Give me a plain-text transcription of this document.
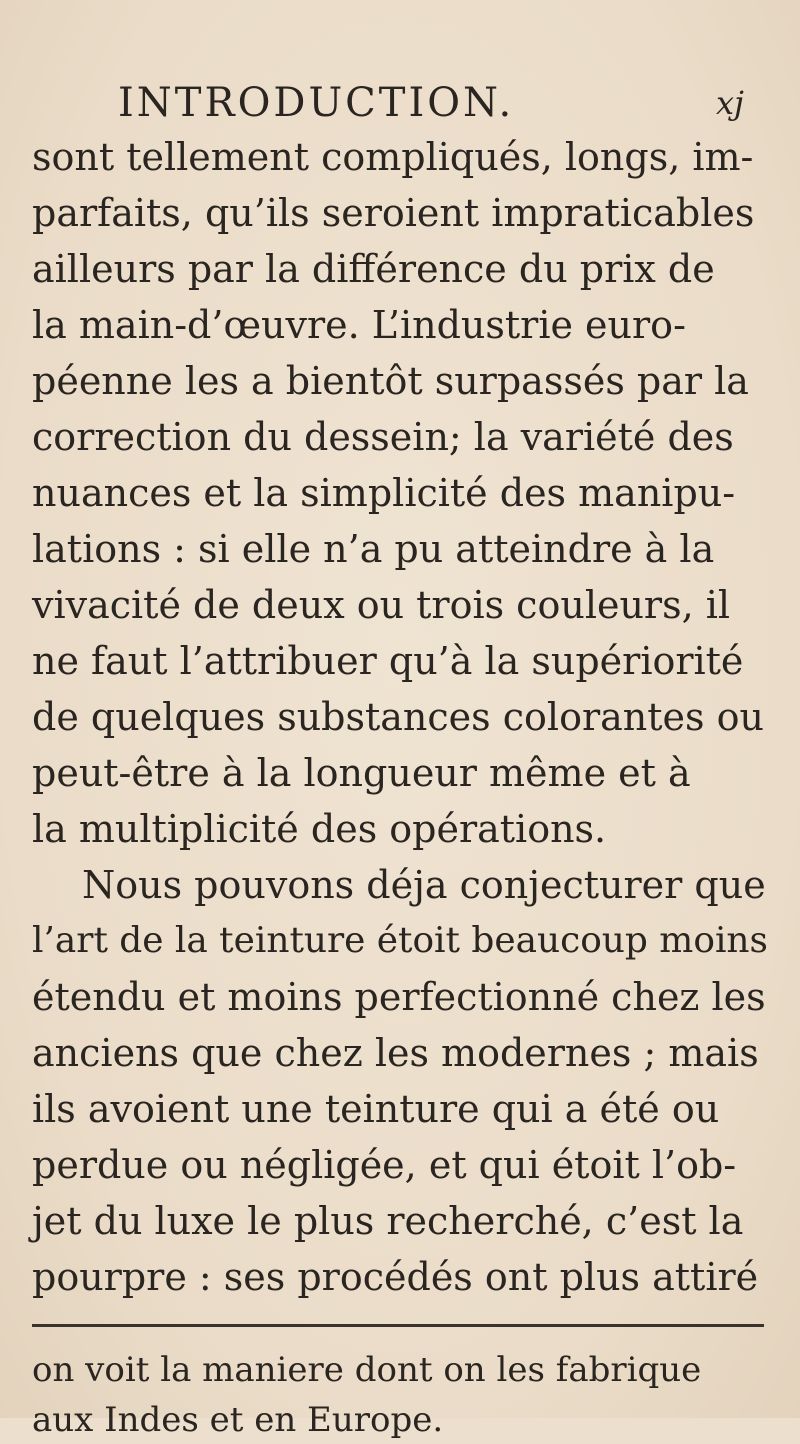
INTRODUCTION.	xj
sont tellement compliqués, longs, im-
parfaits, qu’ils seroient impraticables
ailleurs par la différence du prix de
la main-d’œuvre. L’industrie euro-
péenne les a bientôt surpassés par la
correction du dessein; la variété des
nuances et la simplicité des manipu-
lations : si elle n’a pu atteindre à la
vivacité de deux ou trois couleurs, il
ne faut l’attribuer qu’à la supériorité
de quelques substances colorantes ou
peut-être à la longueur même et à
la multiplicité des opérations.
Nous pouvons déja conjecturer que
l’art de la teinture étoit beaucoup moins
étendu et moins perfectionné chez les
anciens que chez les modernes ; mais
ils avoient une teinture qui a été ou
perdue ou négligée, et qui étoit l’ob-
jet du luxe le plus recherché, c’est la
pourpre : ses procédés ont plus attiré
on voit la maniere dont on les fabrique
aux Indes et en Europe.
